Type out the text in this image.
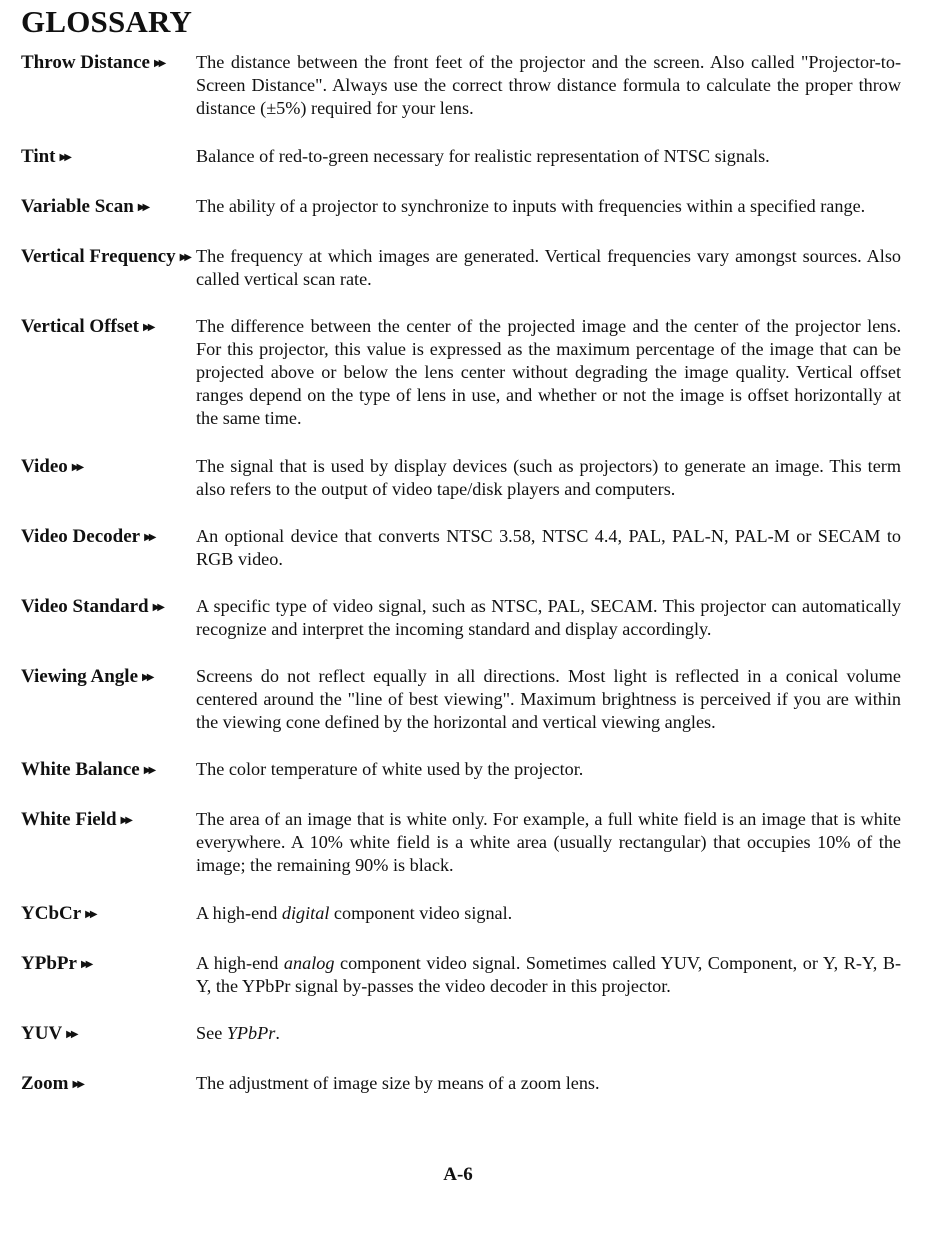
GLOSSARY
Throw Distance ▶▶	The distance between the front feet of the projector and the screen. Also called "Projector-to-Screen Distance". Always use the correct throw distance formula to calculate the proper throw distance (±5%) required for your lens.
Tint ▶▶	Balance of red-to-green necessary for realistic representation of NTSC signals.
Variable Scan ▶▶	The ability of a projector to synchronize to inputs with frequencies within a specified range.
Vertical Frequency ▶▶ The frequency at which images are generated. Vertical frequencies vary amongst sources. Also called vertical scan rate.
Vertical Offset ▶▶	The difference between the center of the projected image and the center of the projector lens. For this projector, this value is expressed as the maximum percentage of the image that can be projected above or below the lens center without degrading the image quality. Vertical offset ranges depend on the type of lens in use, and whether or not the image is offset horizontally at the same time.
Video ▶▶	The signal that is used by display devices (such as projectors) to generate an image. This term also refers to the output of video tape/disk players and computers.
Video Decoder ▶▶	An optional device that converts NTSC 3.58, NTSC 4.4, PAL, PAL-N, PAL-M or SECAM to RGB video.
Video Standard ▶▶	A specific type of video signal, such as NTSC, PAL, SECAM. This projector can automatically recognize and interpret the incoming standard and display accordingly.
Viewing Angle ▶▶	Screens do not reflect equally in all directions. Most light is reflected in a conical volume centered around the "line of best viewing". Maximum brightness is perceived if you are within the viewing cone defined by the horizontal and vertical viewing angles.
White Balance ▶▶	The color temperature of white used by the projector.
White Field ▶▶	The area of an image that is white only. For example, a full white field is an image that is white everywhere. A 10% white field is a white area (usually rectangular) that occupies 10% of the image; the remaining 90% is black.
YCbCr ▶▶	A high-end digital component video signal.
YPbPr ▶▶	A high-end analog component video signal. Sometimes called YUV, Component, or Y, R-Y, B-Y, the YPbPr signal by-passes the video decoder in this projector.
YUV ▶▶	See YPbPr.
Zoom ▶▶	The adjustment of image size by means of a zoom lens.
A-6
